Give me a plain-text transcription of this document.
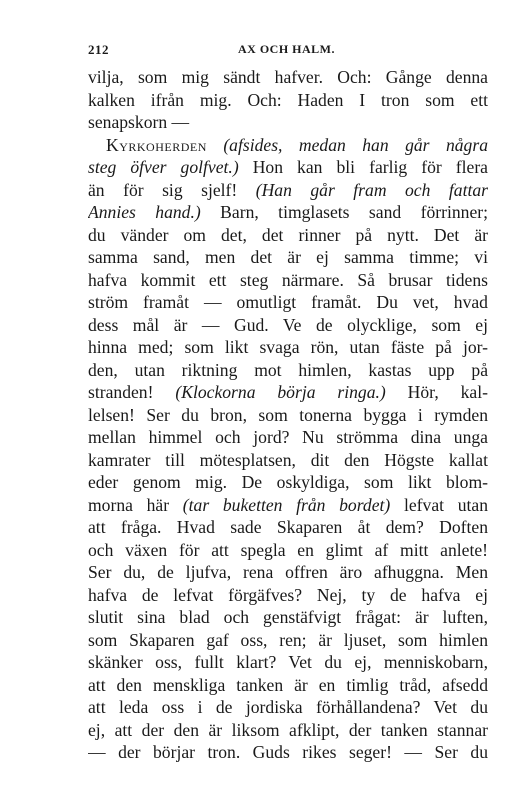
212	AX OCH HALM.
vilja, som mig sändt hafver. Och: Gånge denna
kalken ifrån mig. Och: Haden I tron som ett
senapskorn —
Kyrkoherden (afsides, medan han går några
steg öfver golfvet.) Hon kan bli farlig för flera
än för sig sjelf! (Han går fram och fattar
Annies hand.) Barn, timglasets sand förrinner;
du vänder om det, det rinner på nytt. Det är
samma sand, men det är ej samma timme; vi
hafva kommit ett steg närmare. Så brusar tidens
ström framåt — omutligt framåt. Du vet, hvad
dess mål är — Gud. Ve de olycklige, som ej
hinna med; som likt svaga rön, utan fäste på jor-
den, utan riktning mot himlen, kastas upp på
stranden! (Klockorna börja ringa.) Hör, kal-
lelsen! Ser du bron, som tonerna bygga i rymden
mellan himmel och jord? Nu strömma dina unga
kamrater till mötesplatsen, dit den Högste kallat
eder genom mig. De oskyldiga, som likt blom-
morna här (tar buketten från bordet) lefvat utan
att fråga. Hvad sade Skaparen åt dem? Doften
och växen för att spegla en glimt af mitt anlete!
Ser du, de ljufva, rena offren äro afhuggna. Men
hafva de lefvat förgäfves? Nej, ty de hafva ej
slutit sina blad och genstäfvigt frågat: är luften,
som Skaparen gaf oss, ren; är ljuset, som himlen
skänker oss, fullt klart? Vet du ej, menniskobarn,
att den menskliga tanken är en timlig tråd, afsedd
att leda oss i de jordiska förhållandena? Vet du
ej, att der den är liksom afklipt, der tanken stannar
— der börjar tron. Guds rikes seger! — Ser du
